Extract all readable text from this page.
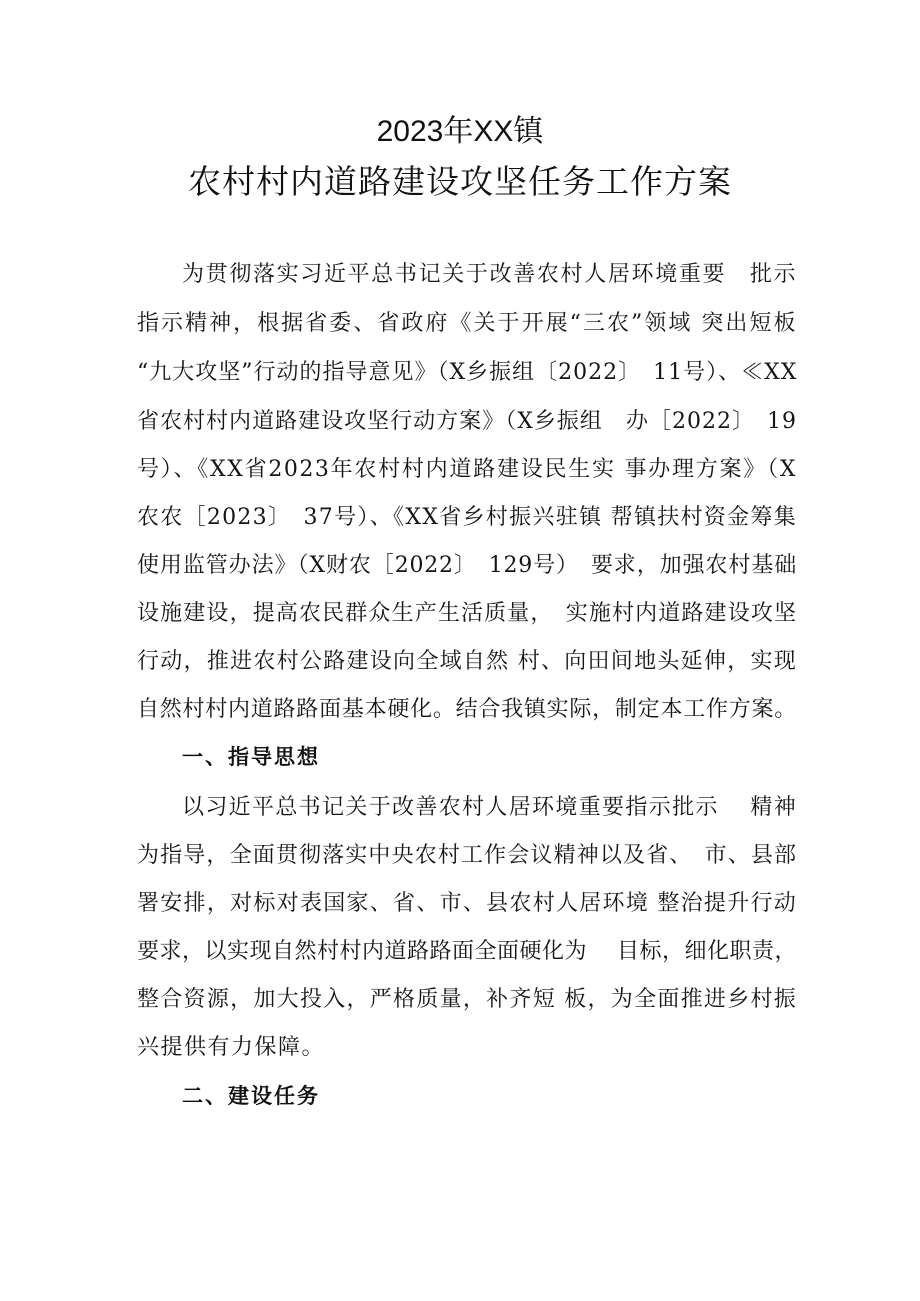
2023年XX镇
农村村内道路建设攻坚任务工作方案
为贯彻落实习近平总书记关于改善农村人居环境重要　批示
指示精神，根据省委、省政府《关于开展“三农”领域 突出短板
“九大攻坚”行动的指导意见》（X乡振组〔2022〕　11号）、≪XX
省农村村内道路建设攻坚行动方案》（X乡振组　办［2022〕　19
号）、《XX省2023年农村村内道路建设民生实 事办理方案》（X
农农［2023〕　37号）、《XX省乡村振兴驻镇 帮镇扶村资金筹集
使用监管办法》（X财农［2022〕　129号）　要求，加强农村基础
设施建设，提高农民群众生产生活质量，　实施村内道路建设攻坚
行动，推进农村公路建设向全域自然 村、向田间地头延伸，实现
自然村村内道路路面基本硬化。结合我镇实际，制定本工作方案。
一、指导思想
以习近平总书记关于改善农村人居环境重要指示批示　 精神
为指导，全面贯彻落实中央农村工作会议精神以及省、　市、县部
署安排，对标对表国家、省、市、县农村人居环境 整治提升行动
要求，以实现自然村村内道路路面全面硬化为　 目标，细化职责，
整合资源，加大投入，严格质量，补齐短 板，为全面推进乡村振
兴提供有力保障。
二、建设任务
